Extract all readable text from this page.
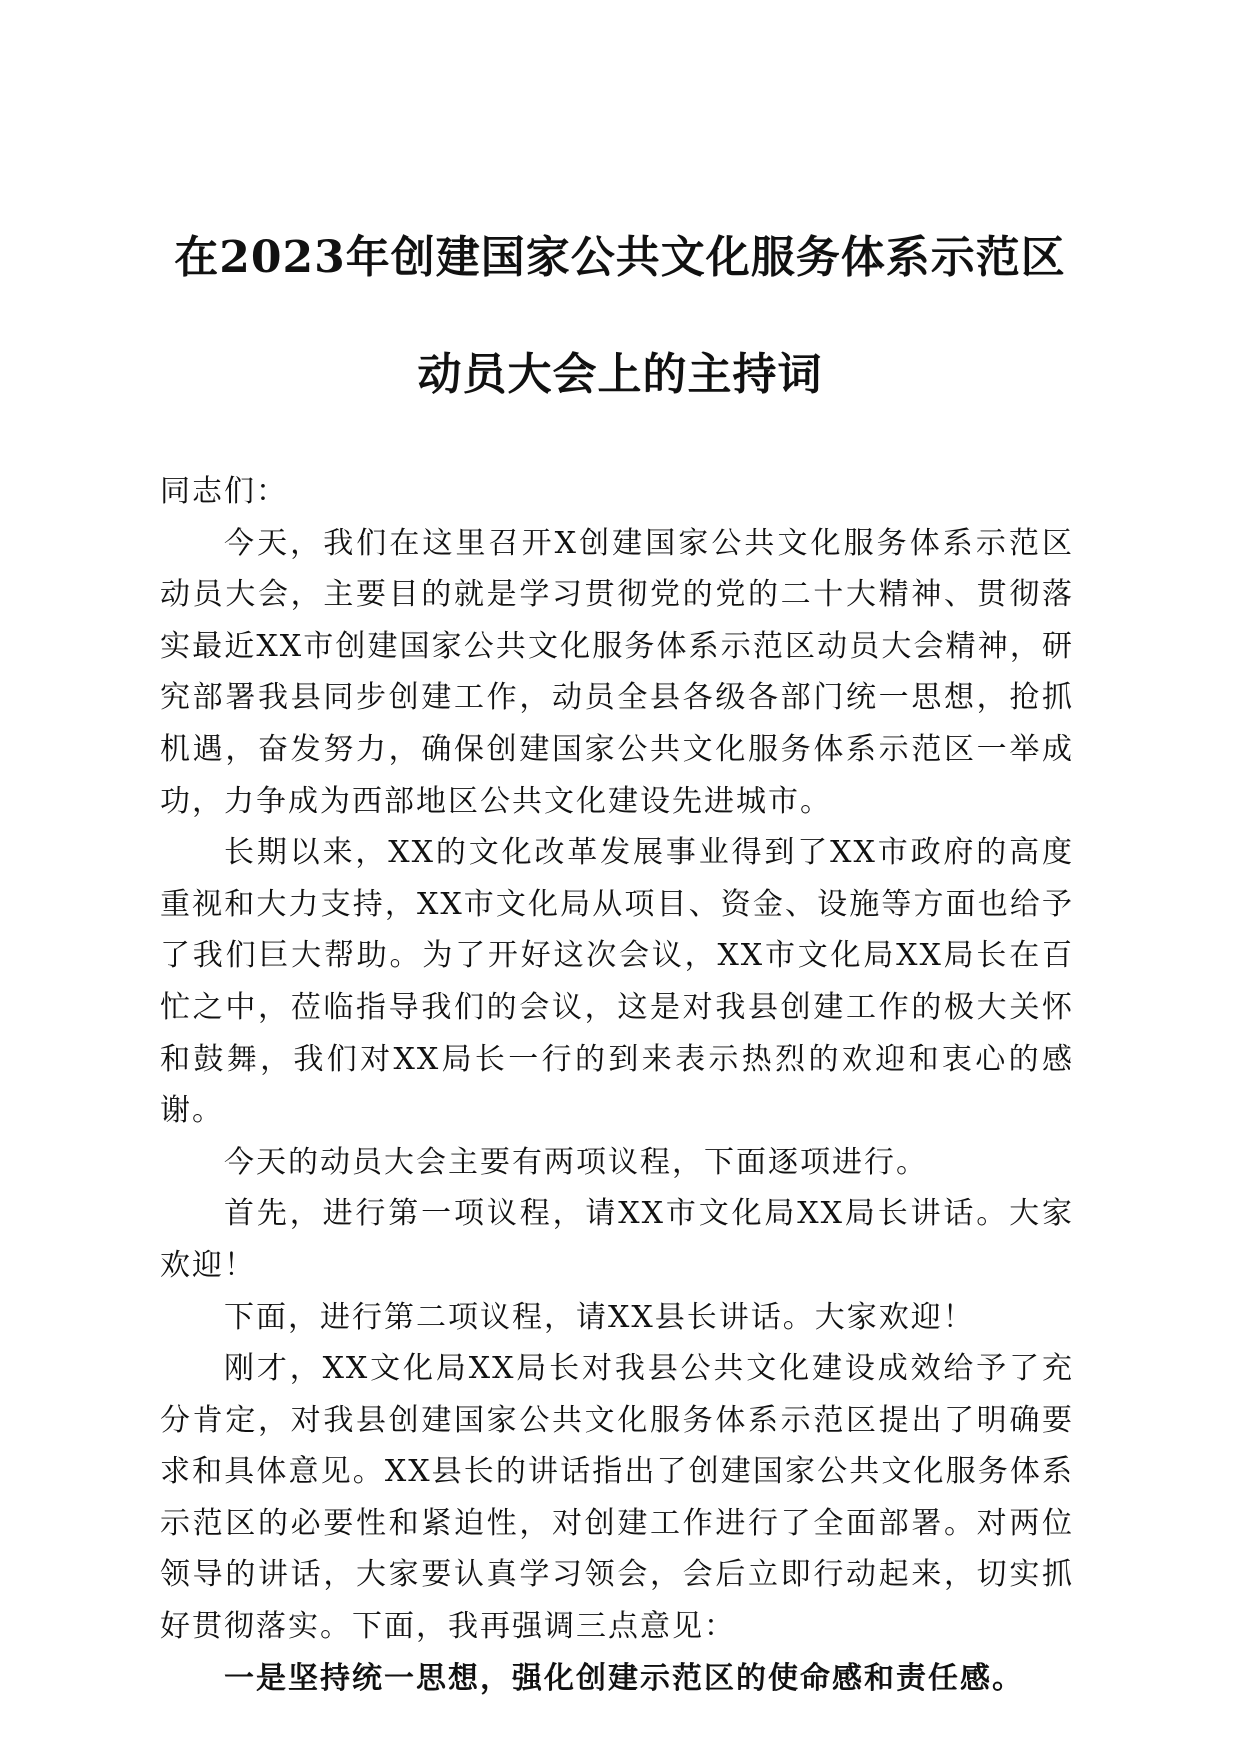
在2023年创建国家公共文化服务体系示范区
动员大会上的主持词

同志们：

今天，我们在这里召开X创建国家公共文化服务体系示范区动员大会，主要目的就是学习贯彻党的党的二十大精神、贯彻落实最近XX市创建国家公共文化服务体系示范区动员大会精神，研究部署我县同步创建工作，动员全县各级各部门统一思想，抢抓机遇，奋发努力，确保创建国家公共文化服务体系示范区一举成功，力争成为西部地区公共文化建设先进城市。

长期以来，XX的文化改革发展事业得到了XX市政府的高度重视和大力支持，XX市文化局从项目、资金、设施等方面也给予了我们巨大帮助。为了开好这次会议，XX市文化局XX局长在百忙之中，莅临指导我们的会议，这是对我县创建工作的极大关怀和鼓舞，我们对XX局长一行的到来表示热烈的欢迎和衷心的感谢。

今天的动员大会主要有两项议程，下面逐项进行。

首先，进行第一项议程，请XX市文化局XX局长讲话。大家欢迎！

下面，进行第二项议程，请XX县长讲话。大家欢迎！

刚才，XX文化局XX局长对我县公共文化建设成效给予了充分肯定，对我县创建国家公共文化服务体系示范区提出了明确要求和具体意见。XX县长的讲话指出了创建国家公共文化服务体系示范区的必要性和紧迫性，对创建工作进行了全面部署。对两位领导的讲话，大家要认真学习领会，会后立即行动起来，切实抓好贯彻落实。下面，我再强调三点意见：

一是坚持统一思想，强化创建示范区的使命感和责任感。
